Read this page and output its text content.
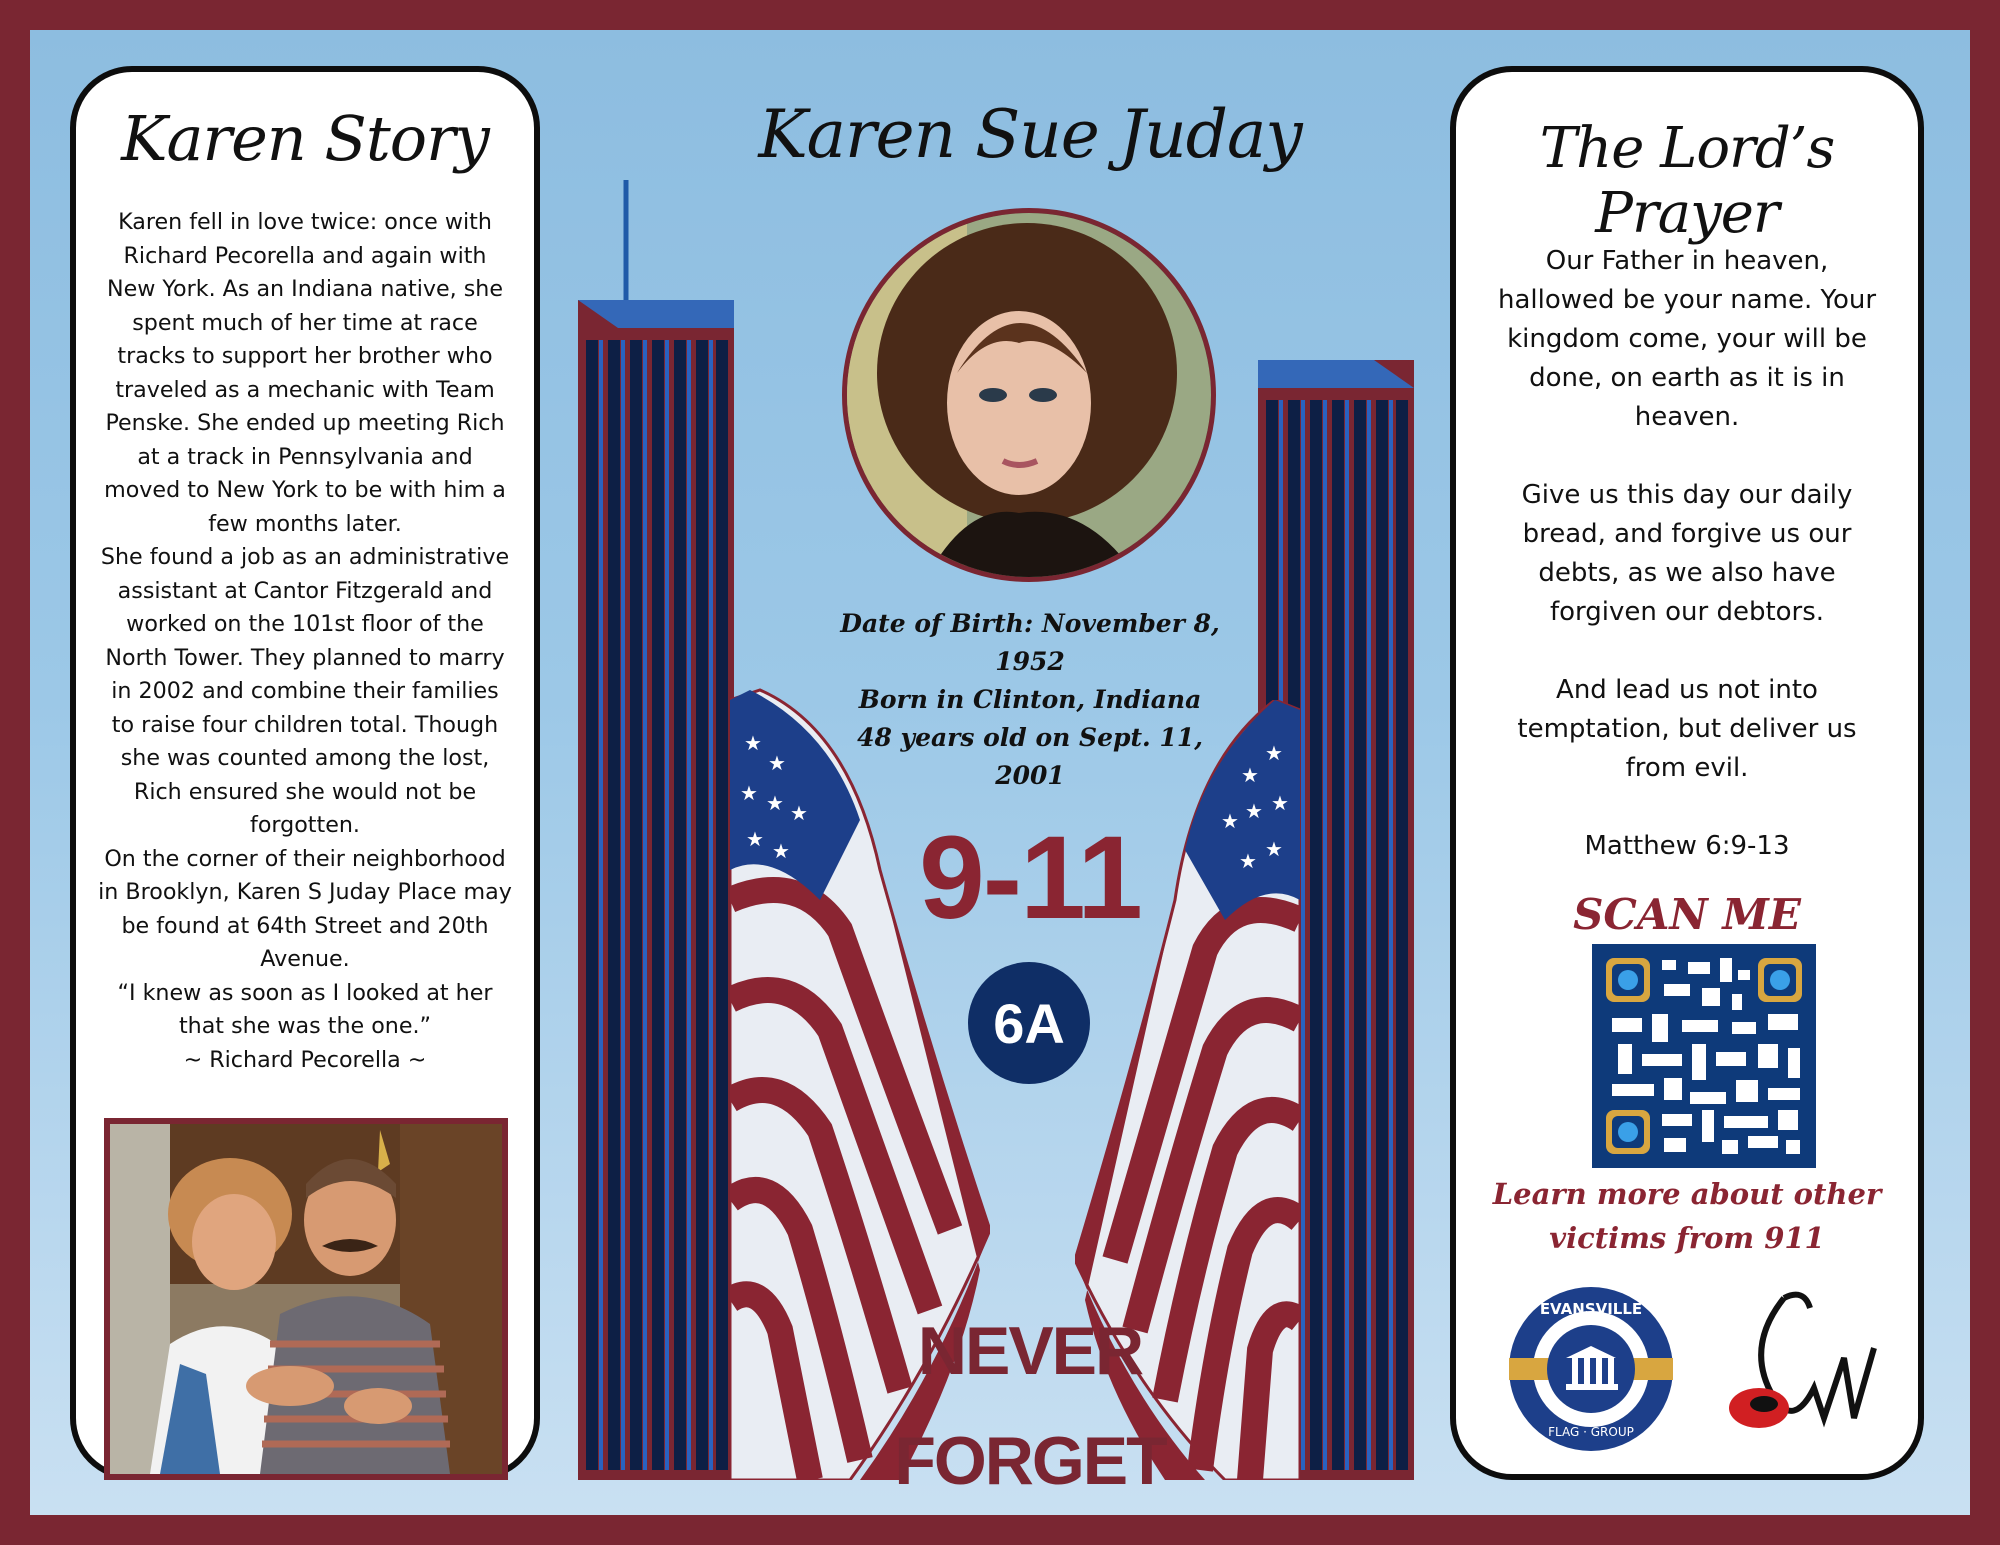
Karen Story

Karen fell in love twice: once with Richard Pecorella and again with New York. As an Indiana native, she spent much of her time at race tracks to support her brother who traveled as a mechanic with Team Penske. She ended up meeting Rich at a track in Pennsylvania and moved to New York to be with him a few months later.

She found a job as an administrative assistant at Cantor Fitzgerald and worked on the 101st floor of the North Tower. They planned to marry in 2002 and combine their families to raise four children total. Though she was counted among the lost, Rich ensured she would not be forgotten.

On the corner of their neighborhood in Brooklyn, Karen S Juday Place may be found at 64th Street and 20th Avenue.

“I knew as soon as I looked at her that she was the one.”

~ Richard Pecorella ~

Karen Sue Juday
★
★
★ ★ ★
★ ★
★
★
★
★
★
★
★
Date of Birth: November 8, 1952
Born in Clinton, Indiana
48 years old on Sept. 11, 2001
9-11
6A
NEVER
FORGET
The Lord’s Prayer

Our Father in heaven, hallowed be your name. Your kingdom come, your will be done, on earth as it is in heaven.

Give us this day our daily bread, and forgive us our debts, as we also have forgiven our debtors.

And lead us not into temptation, but deliver us from evil.

Matthew 6:9-13

SCAN ME
Learn more about other victims from 911
EVANSVILLE
FLAG · GROUP
